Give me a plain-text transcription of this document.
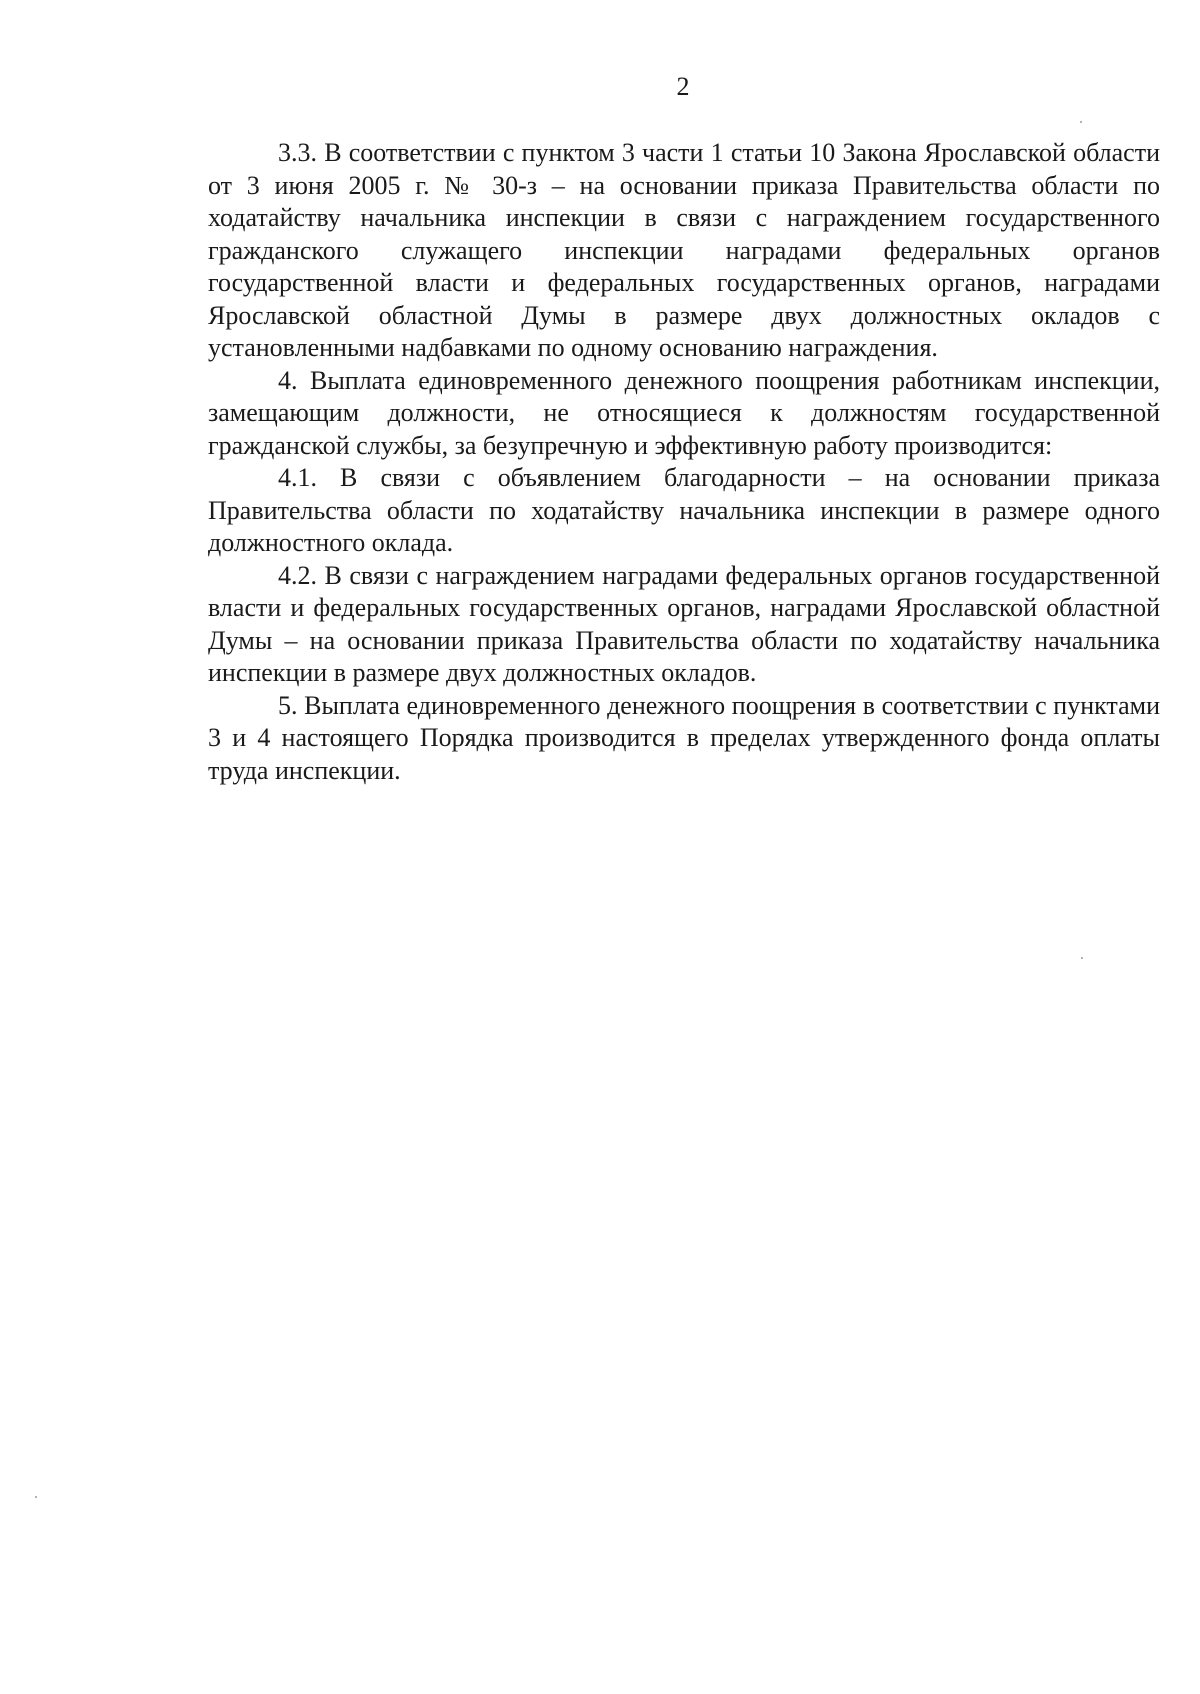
2

3.3. В соответствии с пунктом 3 части 1 статьи 10 Закона Ярославской области от 3 июня 2005 г. № 30-з – на основании приказа Правительства области по ходатайству начальника инспекции в связи с награждением государственного гражданского служащего инспекции наградами федеральных органов государственной власти и федеральных государственных органов, наградами Ярославской областной Думы в размере двух должностных окладов с установленными надбавками по одному основанию награждения.

4. Выплата единовременного денежного поощрения работникам инспекции, замещающим должности, не относящиеся к должностям государственной гражданской службы, за безупречную и эффективную работу производится:

4.1. В связи с объявлением благодарности – на основании приказа Правительства области по ходатайству начальника инспекции в размере одного должностного оклада.

4.2. В связи с награждением наградами федеральных органов государственной власти и федеральных государственных органов, наградами Ярославской областной Думы – на основании приказа Правительства области по ходатайству начальника инспекции в размере двух должностных окладов.

5. Выплата единовременного денежного поощрения в соответствии с пунктами 3 и 4 настоящего Порядка производится в пределах утвержденного фонда оплаты труда инспекции.
